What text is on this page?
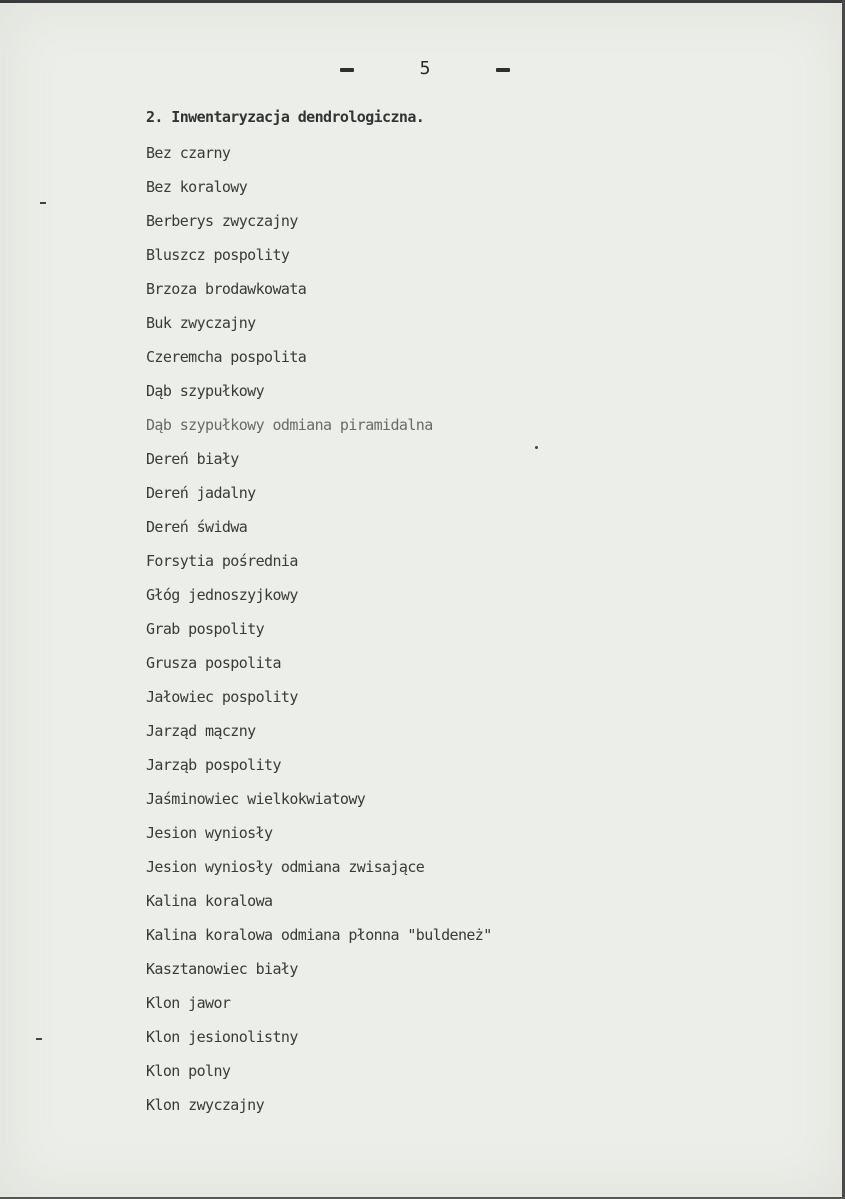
5
2. Inwentaryzacja dendrologiczna.
Bez czarny
Bez koralowy
Berberys zwyczajny
Bluszcz pospolity
Brzoza brodawkowata
Buk zwyczajny
Czeremcha pospolita
Dąb szypułkowy
Dąb szypułkowy odmiana piramidalna
Dereń biały
Dereń jadalny
Dereń świdwa
Forsytia pośrednia
Głóg jednoszyjkowy
Grab pospolity
Grusza pospolita
Jałowiec pospolity
Jarząd mączny
Jarząb pospolity
Jaśminowiec wielkokwiatowy
Jesion wyniosły
Jesion wyniosły odmiana zwisające
Kalina koralowa
Kalina koralowa odmiana płonna "buldeneż"
Kasztanowiec biały
Klon jawor
Klon jesionolistny
Klon polny
Klon zwyczajny
